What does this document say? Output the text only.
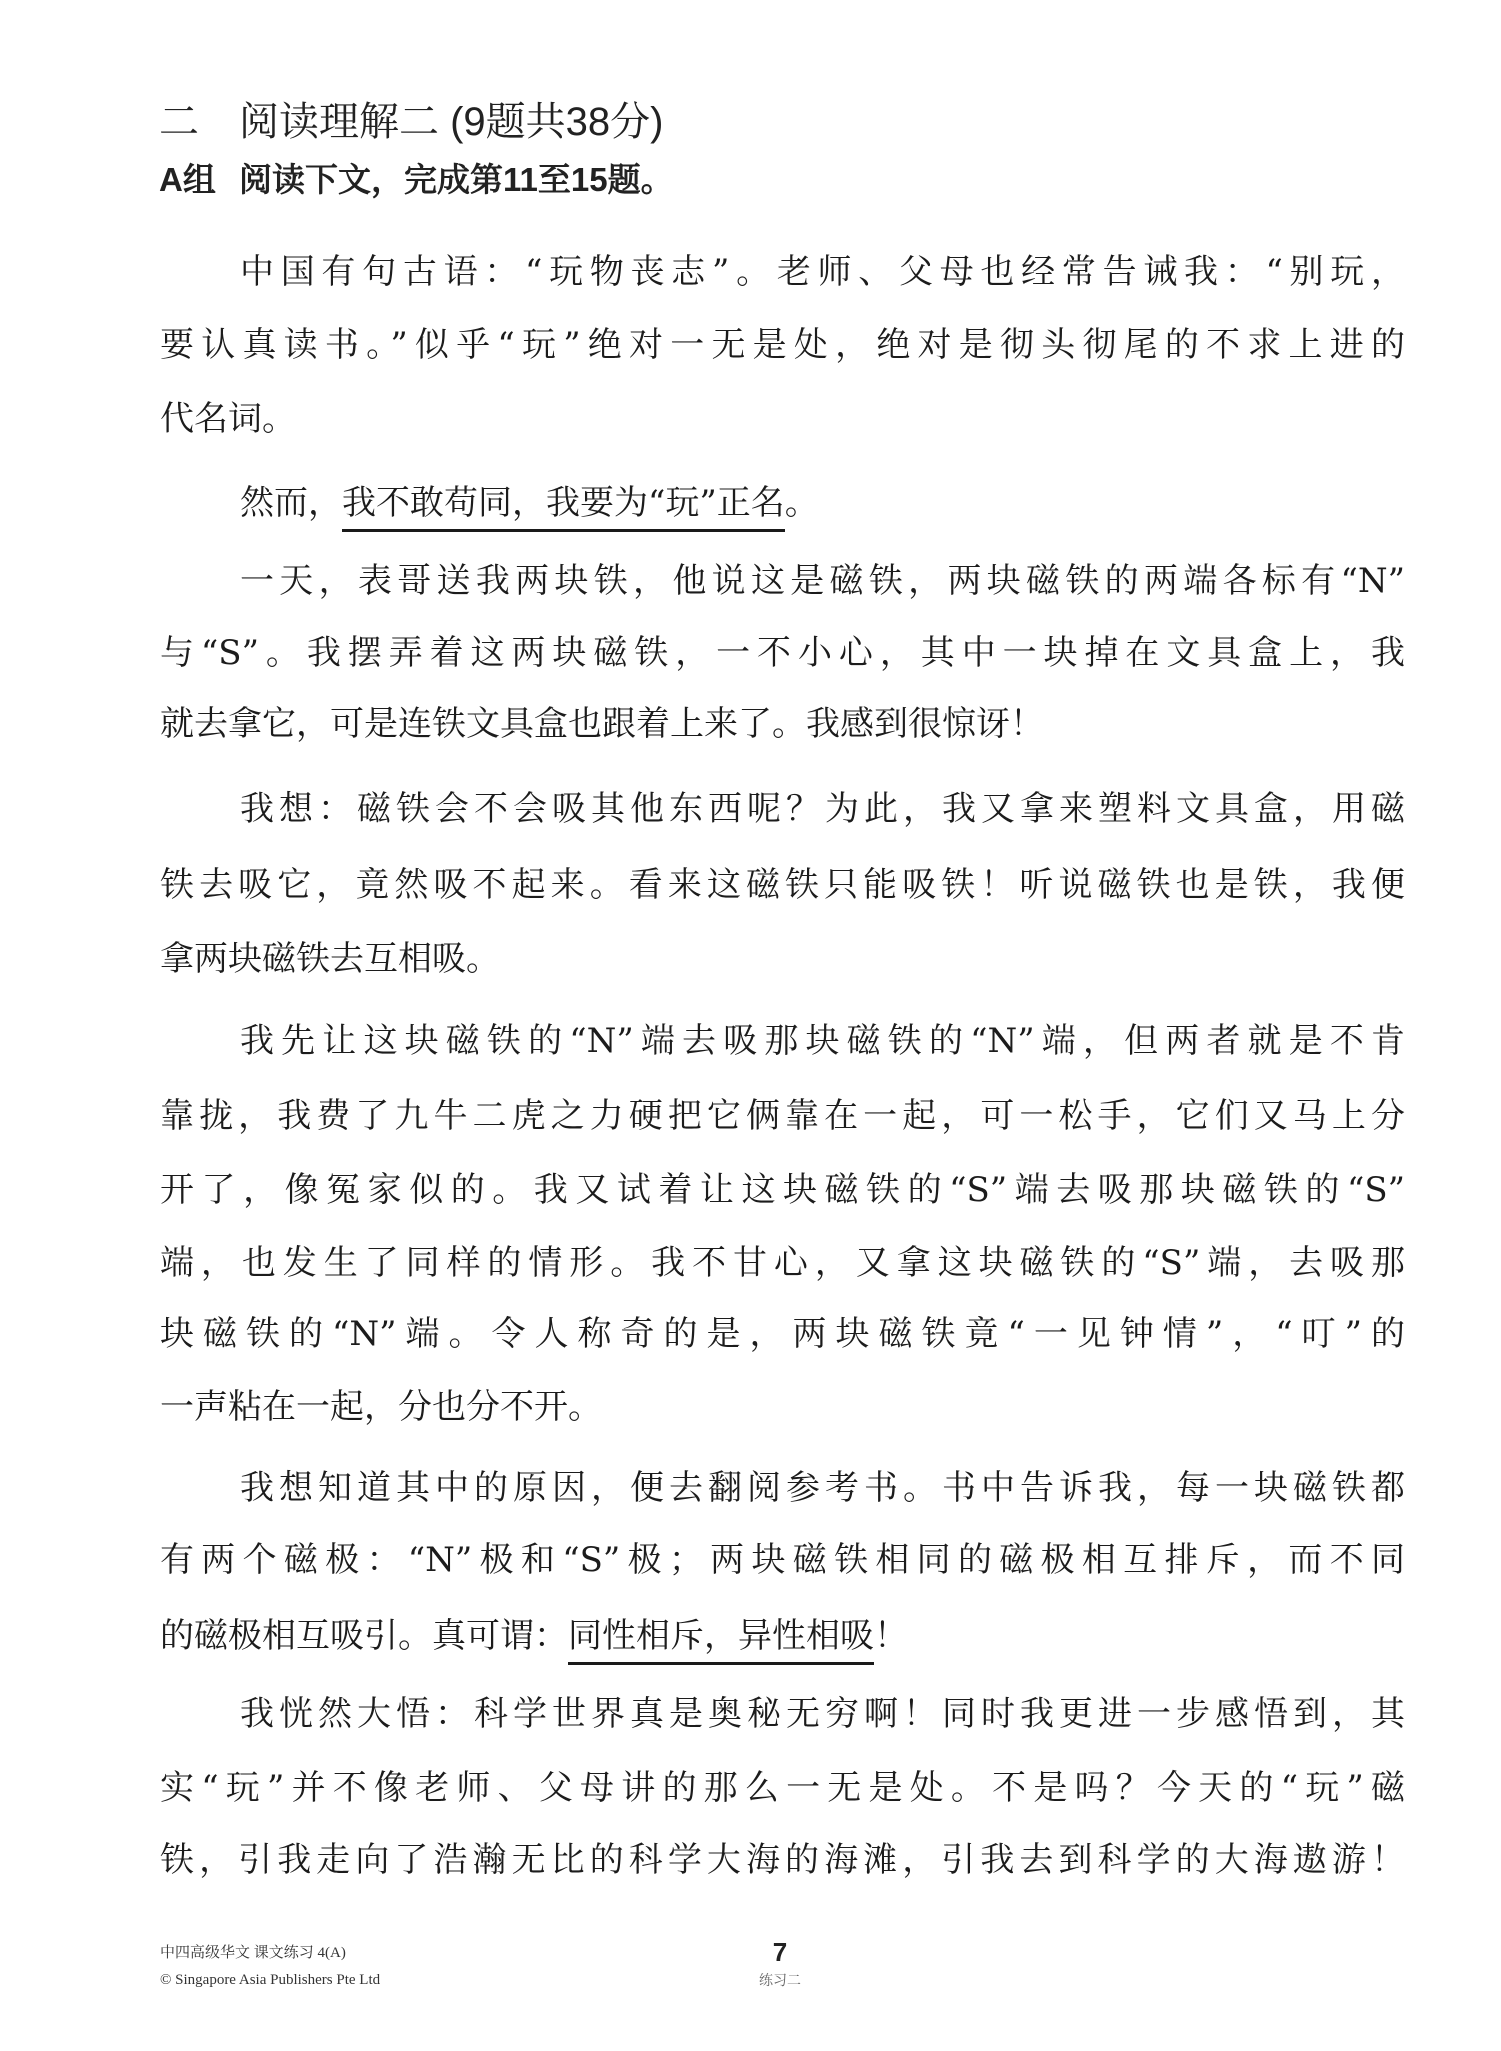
二 阅读理解二 (9题共38分)
A组 阅读下文，完成第11至15题。
中国有句古语：“玩物丧志”。老师、父母也经常告诫我：“别玩，
要认真读书。”似乎“玩”绝对一无是处，绝对是彻头彻尾的不求上进的
代名词。
然而，我不敢苟同，我要为“玩”正名。
一天，表哥送我两块铁，他说这是磁铁，两块磁铁的两端各标有“N”
与“S”。我摆弄着这两块磁铁，一不小心，其中一块掉在文具盒上，我
就去拿它，可是连铁文具盒也跟着上来了。我感到很惊讶！
我想：磁铁会不会吸其他东西呢？为此，我又拿来塑料文具盒，用磁
铁去吸它，竟然吸不起来。看来这磁铁只能吸铁！听说磁铁也是铁，我便
拿两块磁铁去互相吸。
我先让这块磁铁的“N”端去吸那块磁铁的“N”端，但两者就是不肯
靠拢，我费了九牛二虎之力硬把它俩靠在一起，可一松手，它们又马上分
开了，像冤家似的。我又试着让这块磁铁的“S”端去吸那块磁铁的“S”
端，也发生了同样的情形。我不甘心，又拿这块磁铁的“S”端，去吸那
块磁铁的“N”端。令人称奇的是，两块磁铁竟“一见钟情”，“叮”的
一声粘在一起，分也分不开。
我想知道其中的原因，便去翻阅参考书。书中告诉我，每一块磁铁都
有两个磁极：“N”极和“S”极；两块磁铁相同的磁极相互排斥，而不同
的磁极相互吸引。真可谓：同性相斥，异性相吸！
我恍然大悟：科学世界真是奥秘无穷啊！同时我更进一步感悟到，其
实“玩”并不像老师、父母讲的那么一无是处。不是吗？今天的“玩”磁
铁，引我走向了浩瀚无比的科学大海的海滩，引我去到科学的大海遨游！
中四高级华文 课文练习 4(A)
© Singapore Asia Publishers Pte Ltd
7
练习二
